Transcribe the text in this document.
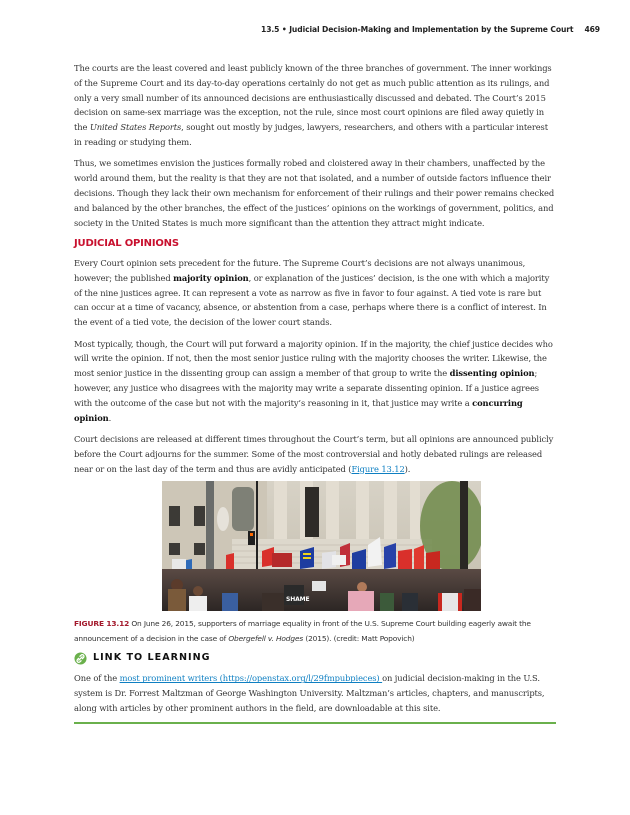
13.5 • Judicial Decision-Making and Implementation by the Supreme Court 469

The courts are the least covered and least publicly known of the three branches of government. The inner workings of the Supreme Court and its day-to-day operations certainly do not get as much public attention as its rulings, and only a very small number of its announced decisions are enthusiastically discussed and debated. The Court’s 2015 decision on same-sex marriage was the exception, not the rule, since most court opinions are filed away quietly in the United States Reports, sought out mostly by judges, lawyers, researchers, and others with a particular interest in reading or studying them.

Thus, we sometimes envision the justices formally robed and cloistered away in their chambers, unaffected by the world around them, but the reality is that they are not that isolated, and a number of outside factors influence their decisions. Though they lack their own mechanism for enforcement of their rulings and their power remains checked and balanced by the other branches, the effect of the justices’ opinions on the workings of government, politics, and society in the United States is much more significant than the attention they attract might indicate.

JUDICIAL OPINIONS

Every Court opinion sets precedent for the future. The Supreme Court’s decisions are not always unanimous, however; the published majority opinion, or explanation of the justices’ decision, is the one with which a majority of the nine justices agree. It can represent a vote as narrow as five in favor to four against. A tied vote is rare but can occur at a time of vacancy, absence, or abstention from a case, perhaps where there is a conflict of interest. In the event of a tied vote, the decision of the lower court stands.

Most typically, though, the Court will put forward a majority opinion. If in the majority, the chief justice decides who will write the opinion. If not, then the most senior justice ruling with the majority chooses the writer. Likewise, the most senior justice in the dissenting group can assign a member of that group to write the dissenting opinion; however, any justice who disagrees with the majority may write a separate dissenting opinion. If a justice agrees with the outcome of the case but not with the majority’s reasoning in it, that justice may write a concurring opinion.

Court decisions are released at different times throughout the Court’s term, but all opinions are announced publicly before the Court adjourns for the summer. Some of the most controversial and hotly debated rulings are released near or on the last day of the term and thus are avidly anticipated (Figure 13.12).

SHAME
FIGURE 13.12 On June 26, 2015, supporters of marriage equality in front of the U.S. Supreme Court building eagerly await the announcement of a decision in the case of Obergefell v. Hodges (2015). (credit: Matt Popovich)
LINK TO LEARNING

One of the most prominent writers (https://openstax.org/l/29fmpubpieces) on judicial decision-making in the U.S. system is Dr. Forrest Maltzman of George Washington University. Maltzman’s articles, chapters, and manuscripts, along with articles by other prominent authors in the field, are downloadable at this site.
